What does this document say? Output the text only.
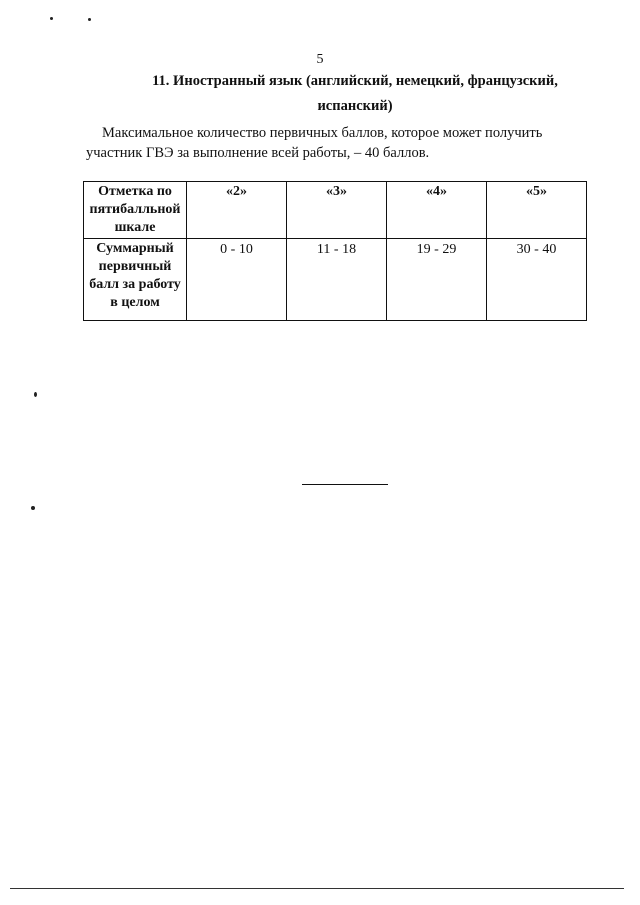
5
11. Иностранный язык (английский, немецкий, французский,
испанский)

Максимальное количество первичных баллов, которое может получить

участник ГВЭ за выполнение всей работы, – 40 баллов.

Отметка по пятибалльной шкале	«2»	«3»	«4»	«5»
Суммарный первичный балл за работу в целом	0 - 10	11 - 18	19 - 29	30 - 40
